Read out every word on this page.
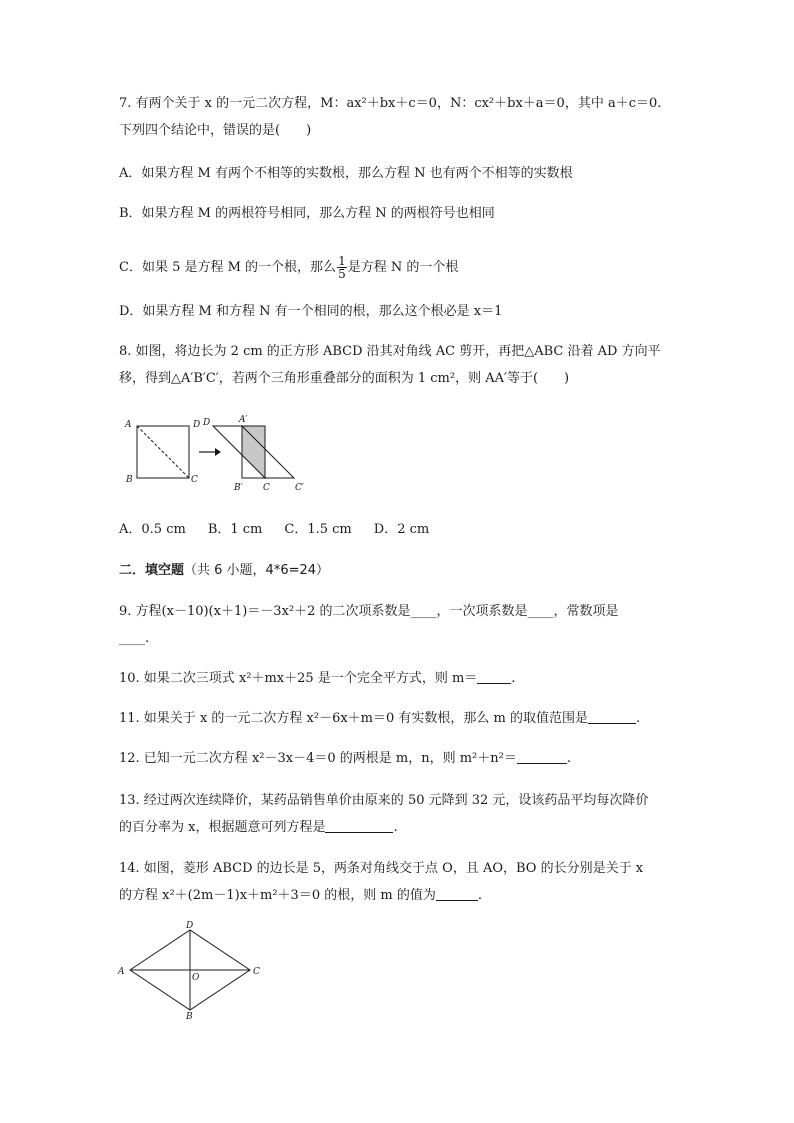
7. 有两个关于 x 的一元二次方程，M：ax²＋bx＋c＝0，N：cx²＋bx＋a＝0，其中 a＋c＝0.
下列四个结论中，错误的是(　　)
A．如果方程 M 有两个不相等的实数根，那么方程 N 也有两个不相等的实数根
B．如果方程 M 的两根符号相同，那么方程 N 的两根符号也相同
C．如果 5 是方程 M 的一个根，那么 $\frac{1}{5}$ 是方程 N 的一个根
D．如果方程 M 和方程 N 有一个相同的根，那么这个根必是 x＝1
8. 如图，将边长为 2 cm 的正方形 ABCD 沿其对角线 AC 剪开，再把△ABC 沿着 AD 方向平
移，得到△A′B′C′，若两个三角形重叠部分的面积为 1 cm²，则 AA′等于(　　)
A	D
B	C
D	A′
B′ C	C′
A．0.5 cm B．1 cm C．1.5 cm D．2 cm
二．填空题（共 6 小题，4*6=24）
9. 方程(x－10)(x＋1)＝－3x²＋2 的二次项系数是____，一次项系数是____，常数项是
____.
10. 如果二次三项式 x²＋mx＋25 是一个完全平方式，则 m＝	.
11. 如果关于 x 的一元二次方程 x²－6x＋m＝0 有实数根，那么 m 的取值范围是	.
12. 已知一元二次方程 x²－3x－4＝0 的两根是 m，n，则 m²＋n²＝	.
13. 经过两次连续降价，某药品销售单价由原来的 50 元降到 32 元，设该药品平均每次降价
的百分率为 x，根据题意可列方程是	.
14. 如图，菱形 ABCD 的边长是 5，两条对角线交于点 O，且 AO，BO 的长分别是关于 x
的方程 x²＋(2m－1)x＋m²＋3＝0 的根，则 m 的值为	.
D
A	C
O
B
